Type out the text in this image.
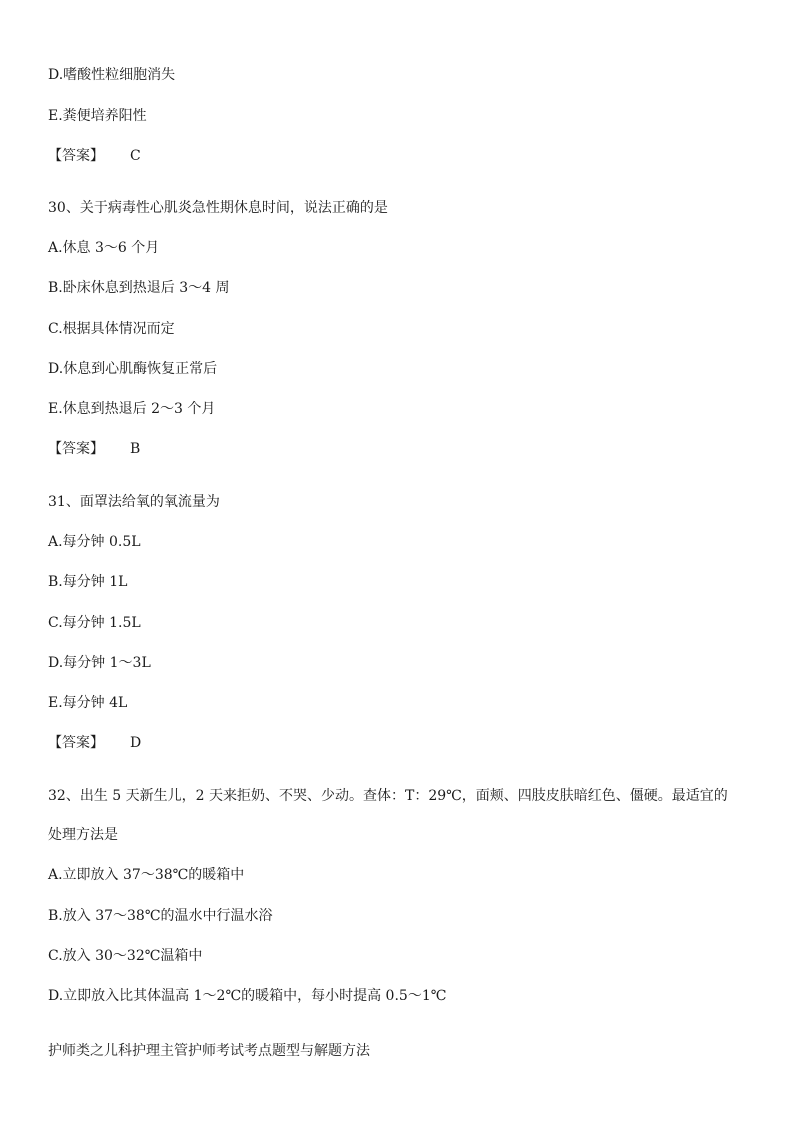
D.嗜酸性粒细胞消失
E.粪便培养阳性
【答案】 C
30、关于病毒性心肌炎急性期休息时间，说法正确的是
A.休息 3～6 个月
B.卧床休息到热退后 3～4 周
C.根据具体情况而定
D.休息到心肌酶恢复正常后
E.休息到热退后 2～3 个月
【答案】 B
31、面罩法给氧的氧流量为
A.每分钟 0.5L
B.每分钟 1L
C.每分钟 1.5L
D.每分钟 1～3L
E.每分钟 4L
【答案】 D
32、出生 5 天新生儿，2 天来拒奶、不哭、少动。查体：T：29℃，面颊、四肢皮肤暗红色、僵硬。最适宜的
处理方法是
A.立即放入 37～38℃的暖箱中
B.放入 37～38℃的温水中行温水浴
C.放入 30～32℃温箱中
D.立即放入比其体温高 1～2℃的暖箱中，每小时提高 0.5～1℃
护师类之儿科护理主管护师考试考点题型与解题方法
